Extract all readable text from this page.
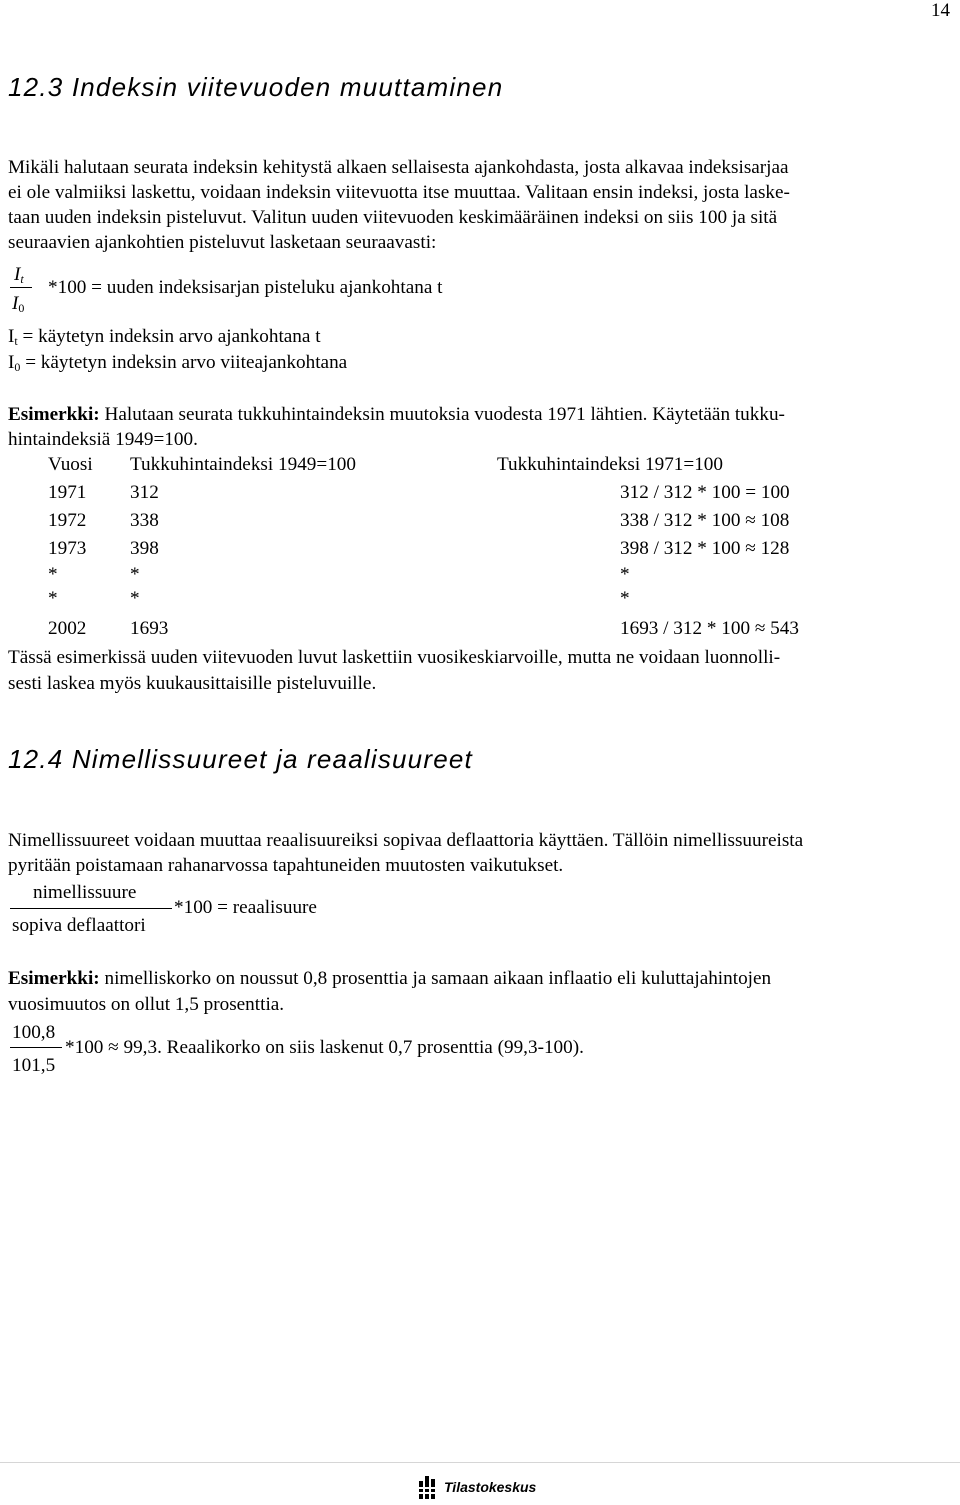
14
12.3 Indeksin viitevuoden muuttaminen
Mikäli halutaan seurata indeksin kehitystä alkaen sellaisesta ajankohdasta, josta alkavaa indeksisarjaa
ei ole valmiiksi laskettu, voidaan indeksin viitevuotta itse muuttaa. Valitaan ensin indeksi, josta laske-
taan uuden indeksin pisteluvut. Valitun uuden viitevuoden keskimääräinen indeksi on siis 100 ja sitä
seuraavien ajankohtien pisteluvut lasketaan seuraavasti:
$I_t$
$I_0$
*100 = uuden indeksisarjan pisteluku ajankohtana t
$I_t$ = käytetyn indeksin arvo ajankohtana t
$I_0$ = käytetyn indeksin arvo viiteajankohtana
Esimerkki: Halutaan seurata tukkuhintaindeksin muutoksia vuodesta 1971 lähtien. Käytetään tukku-
hintaindeksiä 1949=100.
Vuosi Tukkuhintaindeksi 1949=100	Tukkuhintaindeksi 1971=100
1971 312	312 / 312 * 100 = 100
1972 338	338 / 312 * 100 ≈ 108
1973 398	398 / 312 * 100 ≈ 128
*	*	*
*	*	*
2002 1693	1693 / 312 * 100 ≈ 543
Tässä esimerkissä uuden viitevuoden luvut laskettiin vuosikeskiarvoille, mutta ne voidaan luonnolli-
sesti laskea myös kuukausittaisille pisteluvuille.
12.4 Nimellissuureet ja reaalisuureet
Nimellissuureet voidaan muuttaa reaalisuureiksi sopivaa deflaattoria käyttäen. Tällöin nimellissuureista
pyritään poistamaan rahanarvossa tapahtuneiden muutosten vaikutukset.
nimellissuure
sopiva deflaattori
*100 = reaalisuure
Esimerkki: nimelliskorko on noussut 0,8 prosenttia ja samaan aikaan inflaatio eli kuluttajahintojen
vuosimuutos on ollut 1,5 prosenttia.
100,8
101,5
*100 ≈ 99,3. Reaalikorko on siis laskenut 0,7 prosenttia (99,3-100).
Tilastokeskus
